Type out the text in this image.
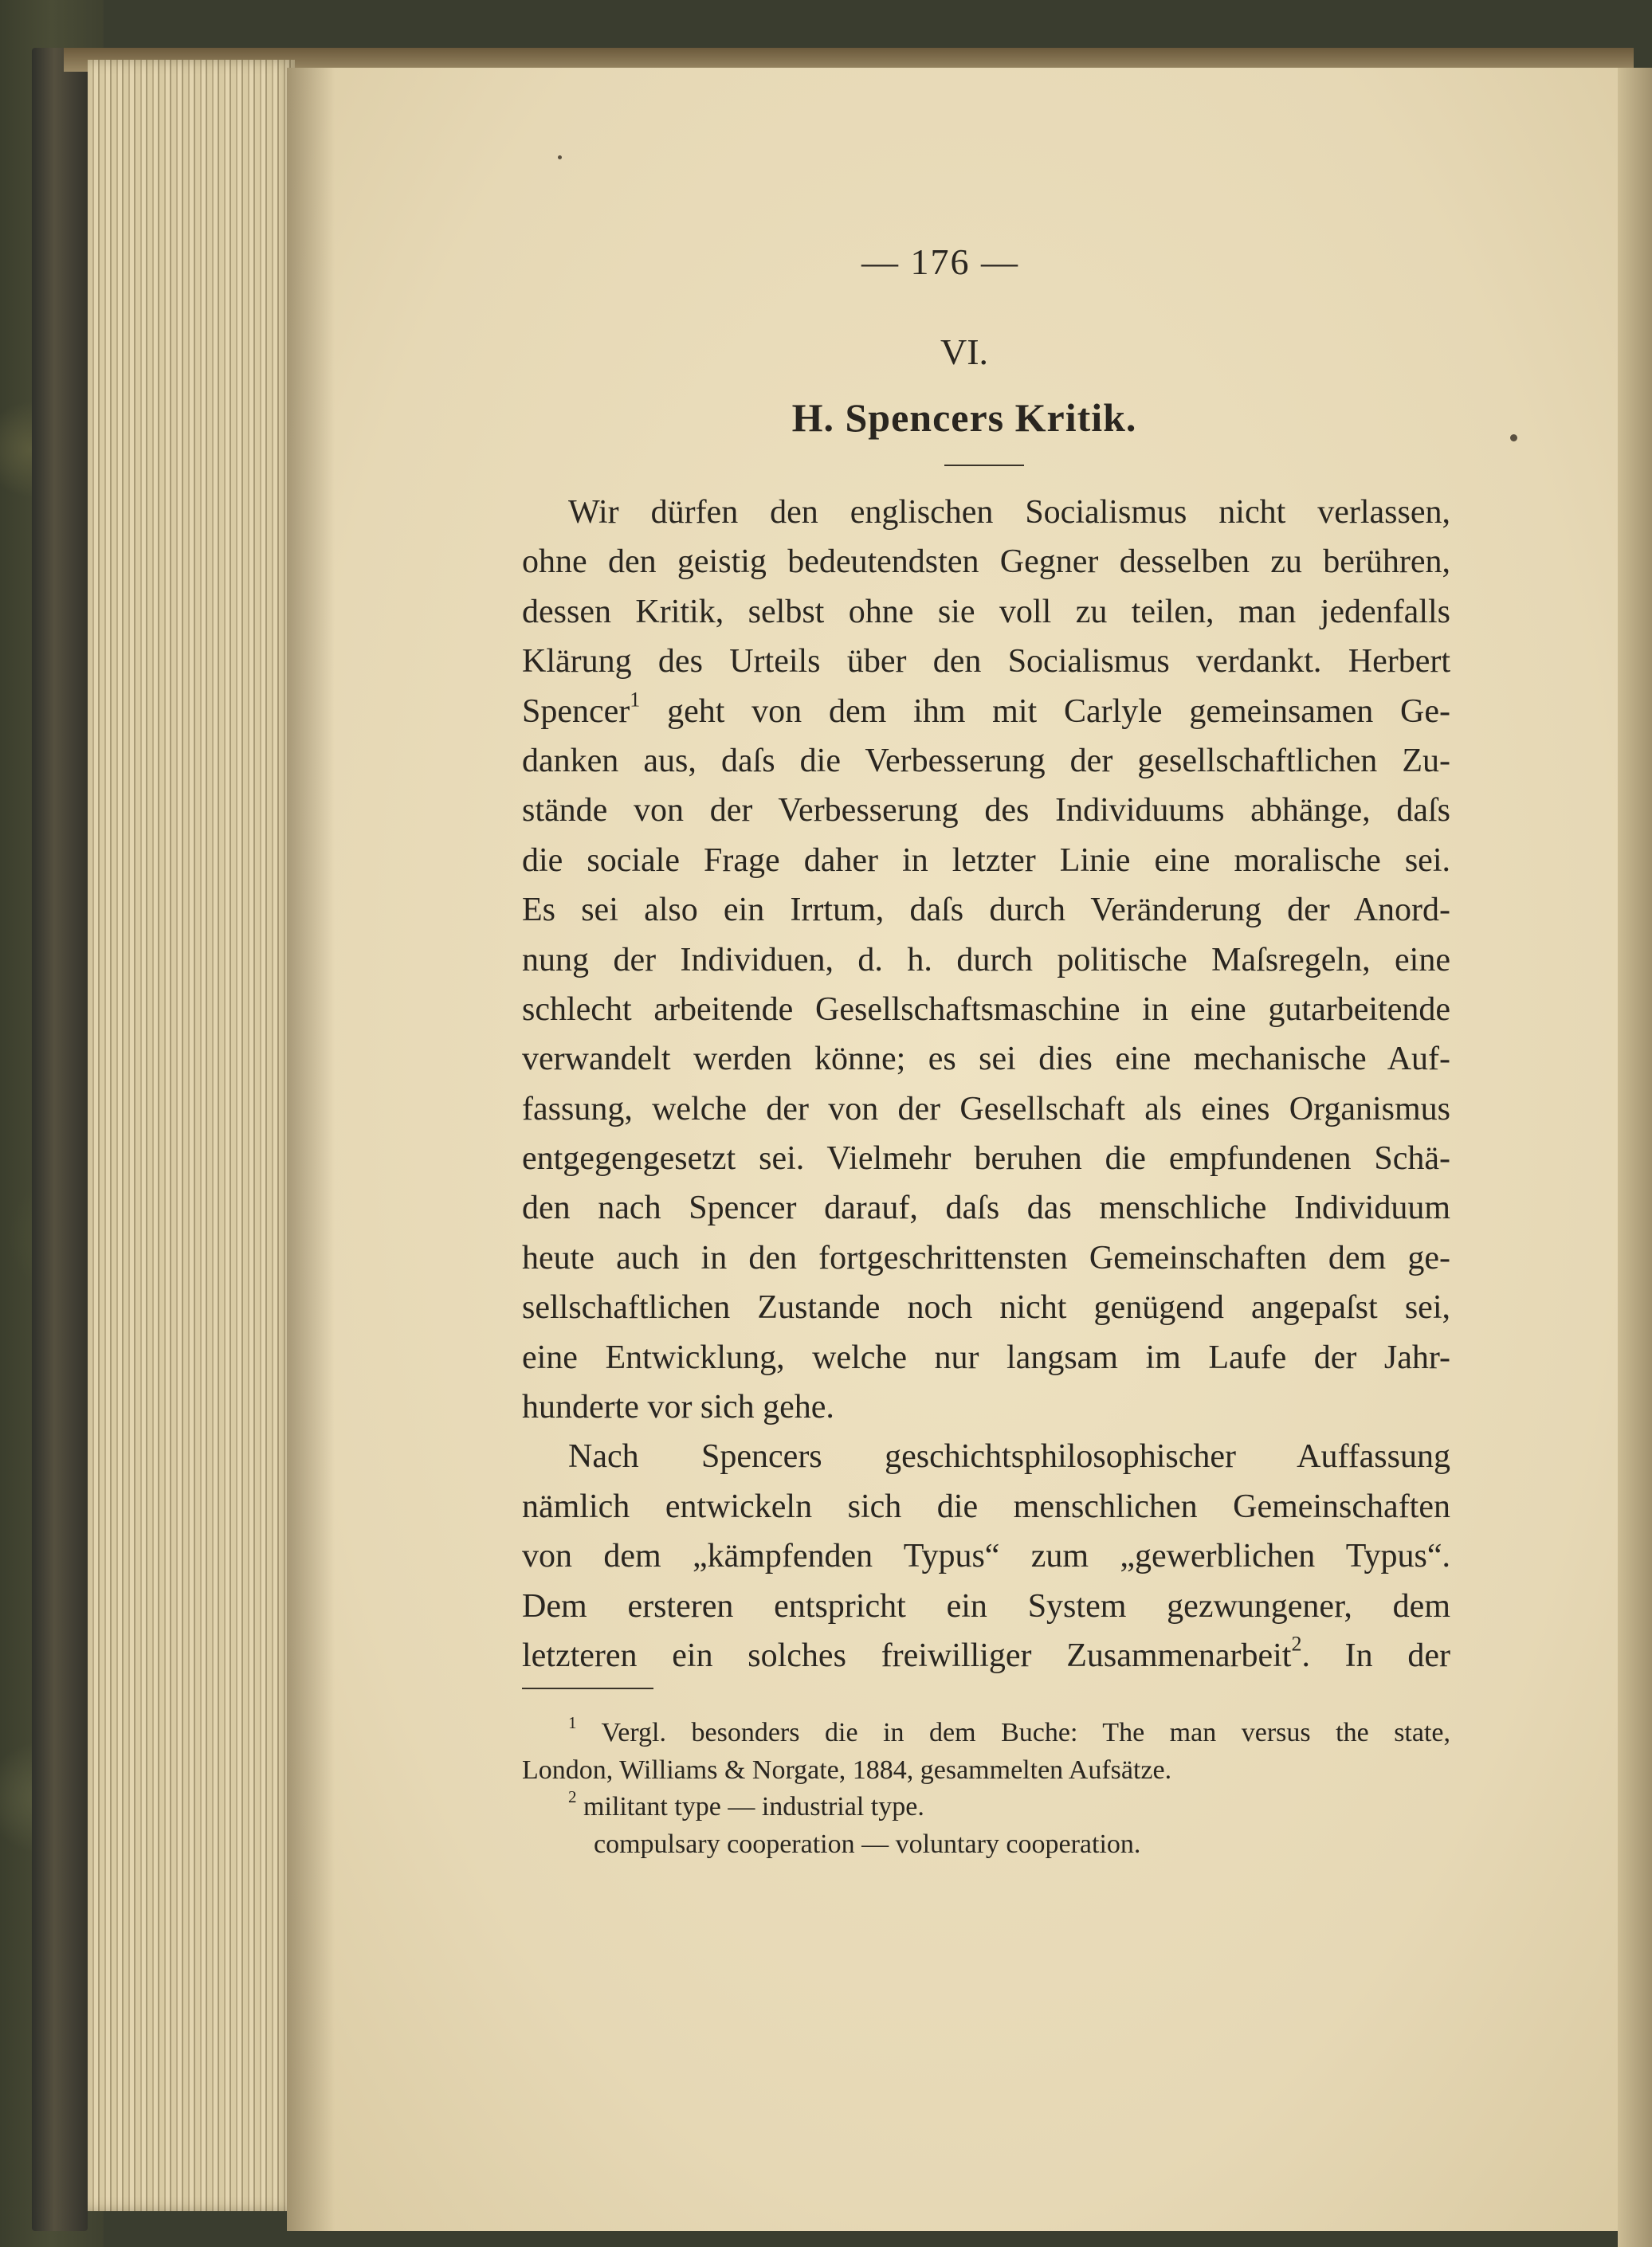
— 176 —
VI.
H. Spencers Kritik.
Wir dürfen den englischen Socialismus nicht verlassen,
ohne den geistig bedeutendsten Gegner desselben zu berühren,
dessen Kritik, selbst ohne sie voll zu teilen, man jedenfalls
Klärung des Urteils über den Socialismus verdankt. Herbert
Spencer$^1$ geht von dem ihm mit Carlyle gemeinsamen Ge-
danken aus, daſs die Verbesserung der gesellschaftlichen Zu-
stände von der Verbesserung des Individuums abhänge, daſs
die sociale Frage daher in letzter Linie eine moralische sei.
Es sei also ein Irrtum, daſs durch Veränderung der Anord-
nung der Individuen, d. h. durch politische Maſsregeln, eine
schlecht arbeitende Gesellschaftsmaschine in eine gutarbeitende
verwandelt werden könne; es sei dies eine mechanische Auf-
fassung, welche der von der Gesellschaft als eines Organismus
entgegengesetzt sei. Vielmehr beruhen die empfundenen Schä-
den nach Spencer darauf, daſs das menschliche Individuum
heute auch in den fortgeschrittensten Gemeinschaften dem ge-
sellschaftlichen Zustande noch nicht genügend angepaſst sei,
eine Entwicklung, welche nur langsam im Laufe der Jahr-
hunderte vor sich gehe.
Nach Spencers geschichtsphilosophischer Auffassung
nämlich entwickeln sich die menschlichen Gemeinschaften
von dem „kämpfenden Typus“ zum „gewerblichen Typus“.
Dem ersteren entspricht ein System gezwungener, dem
letzteren ein solches freiwilliger Zusammenarbeit$^2$. In der
$^1$ Vergl. besonders die in dem Buche: The man versus the state,
London, Williams & Norgate, 1884, gesammelten Aufsätze.
$^2$ militant type — industrial type.
compulsary cooperation — voluntary cooperation.
